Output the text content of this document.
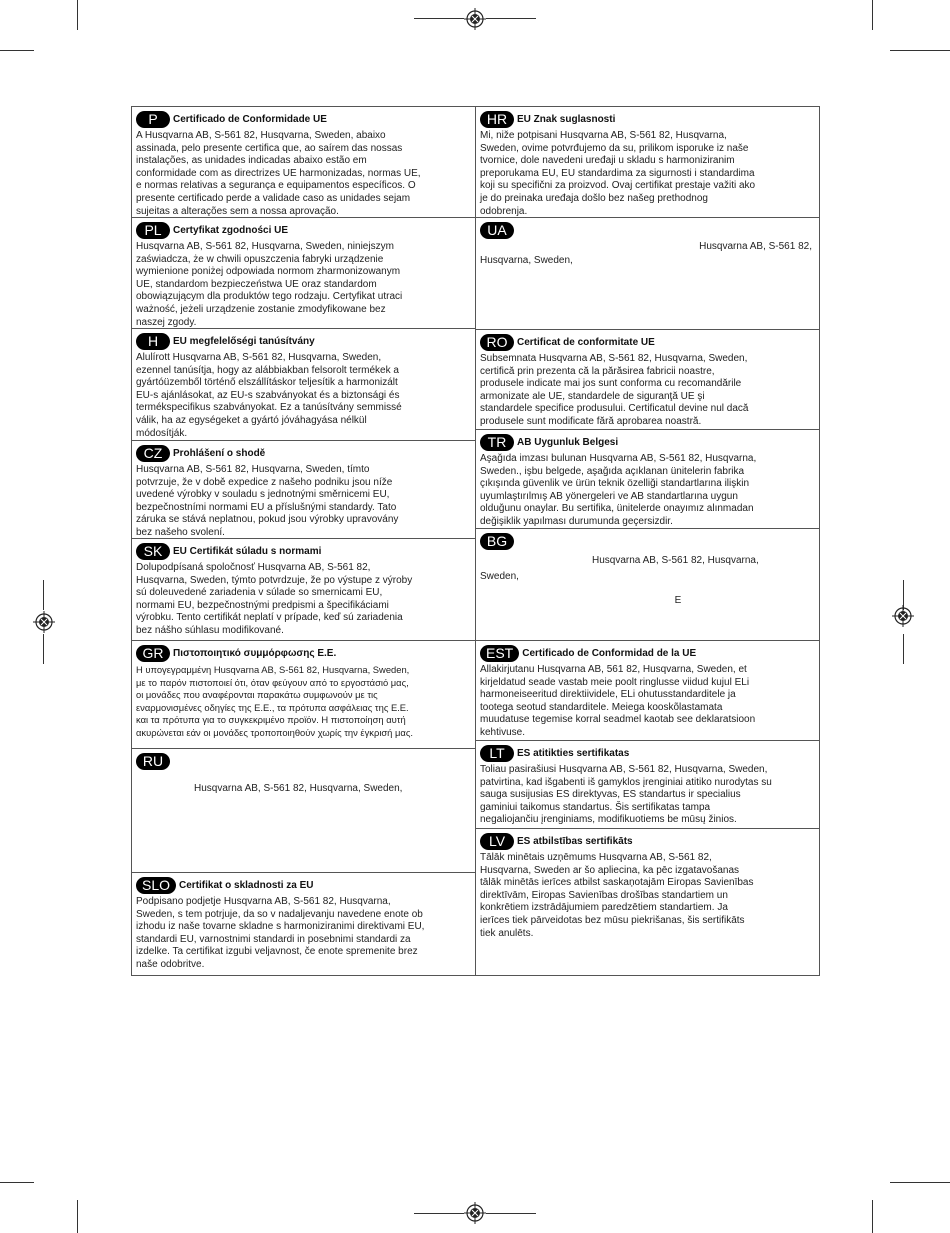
P	Certificado de Conformidade UE
A Husqvarna AB, S-561 82, Husqvarna, Sweden, abaixo
assinada, pelo presente certifica que, ao saírem das nossas
instalações, as unidades indicadas abaixo estão em
conformidade com as directrizes UE harmonizadas, normas UE,
e normas relativas a segurança e equipamentos específicos. O
presente certificado perde a validade caso as unidades sejam
sujeitas a alterações sem a nossa aprovação.
PL	Certyfikat zgodności UE
Husqvarna AB, S-561 82, Husqvarna, Sweden, niniejszym
zaświadcza, że w chwili opuszczenia fabryki urządzenie
wymienione poniżej odpowiada normom zharmonizowanym
UE, standardom bezpieczeństwa UE oraz standardom
obowiązującym dla produktów tego rodzaju. Certyfikat utraci
ważność, jeżeli urządzenie zostanie zmodyfikowane bez
naszej zgody.
H	EU megfelelőségi tanúsítvány
Alulírott Husqvarna AB, S-561 82, Husqvarna, Sweden,
ezennel tanúsítja, hogy az alábbiakban felsorolt termékek a
gyártóüzemből történő elszállításkor teljesítik a harmonizált
EU-s ajánlásokat, az EU-s szabványokat és a biztonsági és
termékspecifikus szabványokat. Ez a tanúsítvány semmissé
válik, ha az egységeket a gyártó jóváhagyása nélkül
módosítják.
CZ	Prohlášení o shodě
Husqvarna AB, S-561 82, Husqvarna, Sweden, tímto
potvrzuje, že v době expedice z našeho podniku jsou níže
uvedené výrobky v souladu s jednotnými směrnicemi EU,
bezpečnostními normami EU a příslušnými standardy. Tato
záruka se stává neplatnou, pokud jsou výrobky upravovány
bez našeho svolení.
SK	EU Certifikát súladu s normami
Dolupodpísaná spoločnosť Husqvarna AB, S-561 82,
Husqvarna, Sweden, týmto potvrdzuje, že po výstupe z výroby
sú doleuvedené zariadenia v súlade so smernicami EU,
normami EU, bezpečnostnými predpismi a špecifikáciami
výrobku. Tento certifikát neplatí v prípade, keď sú zariadenia
bez nášho súhlasu modifikované.
GR Πιστοποιητικό συμμόρφωσης Ε.Ε.
Η υπογεγραμμένη Husqvarna AB, S-561 82, Husqvarna, Sweden,
με το παρόν πιστοποιεί ότι, όταν φεύγουν από το εργοστάσιό μας,
οι μονάδες που αναφέρονται παρακάτω συμφωνούν με τις
εναρμονισμένες οδηγίες της Ε.Ε., τα πρότυπα ασφάλειας της Ε.Ε.
και τα πρότυπα για το συγκεκριμένο προϊόν. Η πιστοποίηση αυτή
ακυρώνεται εάν οι μονάδες τροποποιηθούν χωρίς την έγκρισή μας.
RU
Husqvarna AB, S-561 82, Husqvarna, Sweden,
SLO Certifikat o skladnosti za EU
Podpisano podjetje Husqvarna AB, S-561 82, Husqvarna,
Sweden, s tem potrjuje, da so v nadaljevanju navedene enote ob
izhodu iz naše tovarne skladne s harmoniziranimi direktivami EU,
standardi EU, varnostnimi standardi in posebnimi standardi za
izdelke. Ta certifikat izgubi veljavnost, če enote spremenite brez
naše odobritve.
HR EU Znak suglasnosti
Mi, niže potpisani Husqvarna AB, S-561 82, Husqvarna,
Sweden, ovime potvrđujemo da su, prilikom isporuke iz naše
tvornice, dole navedeni uređaji u skladu s harmoniziranim
preporukama EU, EU standardima za sigurnosti i standardima
koji su specifični za proizvod. Ovaj certifikat prestaje važiti ako
je do preinaka uređaja došlo bez našeg prethodnog
odobrenja.
UA
Husqvarna AB, S-561 82,
Husqvarna, Sweden,
RO Certificat de conformitate UE
Subsemnata Husqvarna AB, S-561 82, Husqvarna, Sweden,
certifică prin prezenta că la părăsirea fabricii noastre,
produsele indicate mai jos sunt conforma cu recomandările
armonizate ale UE, standardele de siguranţă UE şi
standardele specifice produsului. Certificatul devine nul dacă
produsele sunt modificate fără aprobarea noastră.
TR	AB Uygunluk Belgesi
Aşağıda imzası bulunan Husqvarna AB, S-561 82, Husqvarna,
Sweden., işbu belgede, aşağıda açıklanan ünitelerin fabrika
çıkışında güvenlik ve ürün teknik özelliği standartlarına ilişkin
uyumlaştırılmış AB yönergeleri ve AB standartlarına uygun
olduğunu onaylar. Bu sertifika, ünitelerde onayımız alınmadan
değişiklik yapılması durumunda geçersizdir.
BG
Husqvarna AB, S-561 82, Husqvarna,
Sweden,
E
EST Certificado de Conformidad de la UE
Allakirjutanu Husqvarna AB, 561 82, Husqvarna, Sweden, et
kirjeldatud seade vastab meie poolt ringlusse viidud kujul ELi
harmoneiseeritud direktiividele, ELi ohutusstandarditele ja
tootega seotud standarditele. Meiega kooskõlastamata
muudatuse tegemise korral seadmel kaotab see deklaratsioon
kehtivuse.
LT	ES atitikties sertifikatas
Toliau pasirašiusi Husqvarna AB, S-561 82, Husqvarna, Sweden,
patvirtina, kad išgabenti iš gamyklos įrenginiai atitiko nurodytas su
sauga susijusias ES direktyvas, ES standartus ir specialius
gaminiui taikomus standartus. Šis sertifikatas tampa
negaliojančiu įrenginiams, modifikuotiems be mūsų žinios.
LV	ES atbilstības sertifikāts
Tālāk minētais uzņēmums Husqvarna AB, S-561 82,
Husqvarna, Sweden ar šo apliecina, ka pēc izgatavošanas
tālāk minētās ierīces atbilst saskaņotajām Eiropas Savienības
direktīvām, Eiropas Savienības drošības standartiem un
konkrētiem izstrādājumiem paredzētiem standartiem. Ja
ierīces tiek pārveidotas bez mūsu piekrišanas, šis sertifikāts
tiek anulēts.
